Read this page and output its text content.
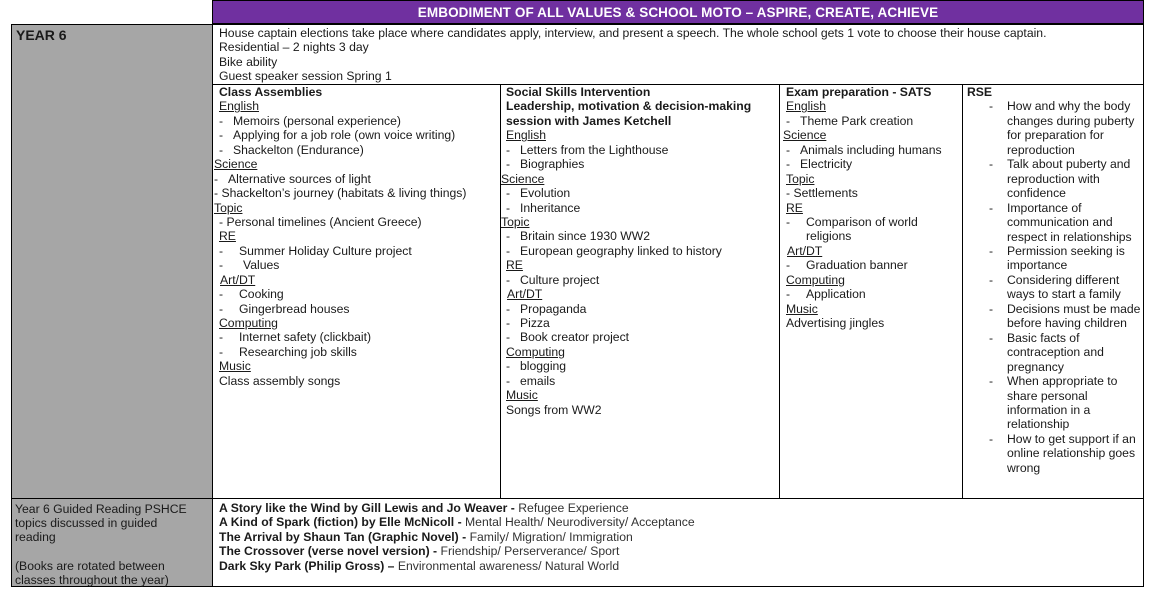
EMBODIMENT OF ALL VALUES & SCHOOL MOTO – ASPIRE, CREATE, ACHIEVE
YEAR 6	House captain elections take place where candidates apply, interview, and present a speech. The whole school gets 1 vote to choose their house captain.
Residential – 2 nights 3 day
Bike ability
Guest speaker session Spring 1
Class Assemblies
English
- Memoirs (personal experience)
- Applying for a job role (own voice writing)
- Shackelton (Endurance)
Science
- Alternative sources of light
- Shackelton’s journey (habitats & living things)
Topic
- Personal timelines (Ancient Greece)
RE
- Summer Holiday Culture project
- Values
Art/DT
- Cooking
- Gingerbread houses
Computing
- Internet safety (clickbait)
- Researching job skills
Music
Class assembly songs
Social Skills Intervention
Leadership, motivation & decision-making
session with James Ketchell
English
- Letters from the Lighthouse
- Biographies
Science
- Evolution
- Inheritance
Topic
- Britain since 1930 WW2
- European geography linked to history
RE
- Culture project
Art/DT
- Propaganda
- Pizza
- Book creator project
Computing
- blogging
- emails
Music
Songs from WW2
Exam preparation - SATS
English
- Theme Park creation
Science
- Animals including humans
- Electricity
Topic
- Settlements
RE
- Comparison of world
religions
Art/DT
- Graduation banner
Computing
- Application
Music
Advertising jingles
RSE
- How and why the body changes during puberty for preparation for reproduction
- Talk about puberty and reproduction with confidence
- Importance of communication and respect in relationships
- Permission seeking is importance
- Considering different ways to start a family
- Decisions must be made before having children
- Basic facts of contraception and pregnancy
- When appropriate to share personal information in a relationship
- How to get support if an online relationship goes wrong
Year 6 Guided Reading PSHCE
topics discussed in guided
reading
(Books are rotated between
classes throughout the year)
A Story like the Wind by Gill Lewis and Jo Weaver - Refugee Experience
A Kind of Spark (fiction) by Elle McNicoll - Mental Health/ Neurodiversity/ Acceptance
The Arrival by Shaun Tan (Graphic Novel) - Family/ Migration/ Immigration
The Crossover (verse novel version) - Friendship/ Perserverance/ Sport
Dark Sky Park (Philip Gross) – Environmental awareness/ Natural World
